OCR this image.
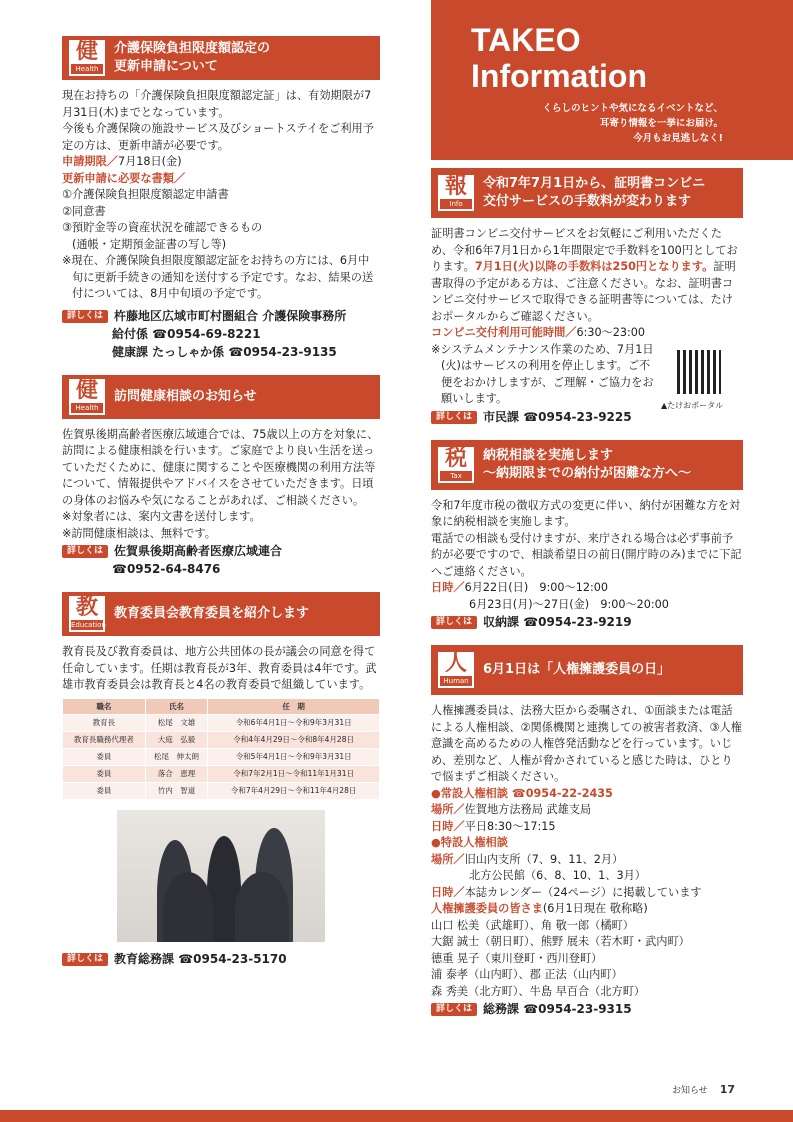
TAKEO
Information
くらしのヒントや気になるイベントなど、
耳寄り情報を一挙にお届け。
今月もお見逃しなく!
健
Health
介護保険負担限度額認定の
更新申請について

現在お持ちの「介護保険負担限度額認定証」は、有効期限が7月31日(木)までとなっています。

今後も介護保険の施設サービス及びショートステイをご利用予定の方は、更新申請が必要です。

申請期限／7月18日(金)

更新申請に必要な書類／

①介護保険負担限度額認定申請書

②同意書

③預貯金等の資産状況を確認できるもの

(通帳・定期預金証書の写し等)

※現在、介護保険負担限度額認定証をお持ちの方には、6月中旬に更新手続きの通知を送付する予定です。なお、結果の送付については、8月中旬頃の予定です。

詳しくは 杵藤地区広域市町村圏組合 介護保険事務所
給付係 ☎0954-69-8221
健康課 たっしゃか係 ☎0954-23-9135
健
Health
訪問健康相談のお知らせ

佐賀県後期高齢者医療広域連合では、75歳以上の方を対象に、訪問による健康相談を行います。ご家庭でより良い生活を送っていただくために、健康に関することや医療機関の利用方法等について、情報提供やアドバイスをさせていただきます。日頃の身体のお悩みや気になることがあれば、ご相談ください。

※対象者には、案内文書を送付します。

※訪問健康相談は、無料です。

詳しくは 佐賀県後期高齢者医療広域連合
☎0952-64-8476
教
Education
教育委員会教育委員を紹介します

教育長及び教育委員は、地方公共団体の長が議会の同意を得て任命しています。任期は教育長が3年、教育委員は4年です。武雄市教育委員会は教育長と4名の教育委員で組織しています。

職名	氏名	任　期
教育長	松尾　文雄	令和6年4月1日～令和9年3月31日
教育長職務代理者	大庭　弘毅	令和4年4月29日～令和8年4月28日
委員	松尾　伸太朗	令和5年4月1日～令和9年3月31日
委員	落合　恵理	令和7年2月1日～令和11年1月31日
委員	竹内　智道	令和7年4月29日～令和11年4月28日
詳しくは 教育総務課 ☎0954-23-5170
報
Info
令和7年7月1日から、証明書コンビニ
交付サービスの手数料が変わります

証明書コンビニ交付サービスをお気軽にご利用いただくため、令和6年7月1日から1年間限定で手数料を100円としております。7月1日(火)以降の手数料は250円となります。証明書取得の予定がある方は、ご注意ください。なお、証明書コンビニ交付サービスで取得できる証明書等については、たけおポータルからご確認ください。

コンビニ交付利用可能時間／6:30～23:00

※システムメンテナンス作業のため、7月1日(火)はサービスの利用を停止します。ご不便をおかけしますが、ご理解・ご協力をお願いします。	▲たけおポータル
詳しくは 市民課 ☎0954-23-9225
税
Tax
納税相談を実施します
～納期限までの納付が困難な方へ～

令和7年度市税の徴収方式の変更に伴い、納付が困難な方を対象に納税相談を実施します。

電話での相談も受付けますが、来庁される場合は必ず事前予約が必要ですので、相談希望日の前日(開庁時のみ)までに下記へご連絡ください。

日時／6月22日(日)　9:00～12:00

6月23日(月)～27日(金)　9:00～20:00

詳しくは 収納課 ☎0954-23-9219
人
Human
6月1日は「人権擁護委員の日」

人権擁護委員は、法務大臣から委嘱され、①面談または電話による人権相談、②関係機関と連携しての被害者救済、③人権意識を高めるための人権啓発活動などを行っています。いじめ、差別など、人権が脅かされていると感じた時は、ひとりで悩まずご相談ください。

●常設人権相談 ☎0954-22-2435

場所／佐賀地方法務局 武雄支局

日時／平日8:30～17:15

●特設人権相談

場所／旧山内支所（7、9、11、2月）

北方公民館（6、8、10、1、3月）

日時／本誌カレンダー（24ページ）に掲載しています

人権擁護委員の皆さま(6月1日現在 敬称略)

山口 松美（武雄町）、角 敬一郎（橘町）

大鋸 誠士（朝日町）、熊野 展未（若木町・武内町）

德重 晃子（東川登町・西川登町）

浦 泰孝（山内町）、郡 正法（山内町）

森 秀美（北方町）、牛島 早百合（北方町）

詳しくは 総務課 ☎0954-23-9315
お知らせ 17
